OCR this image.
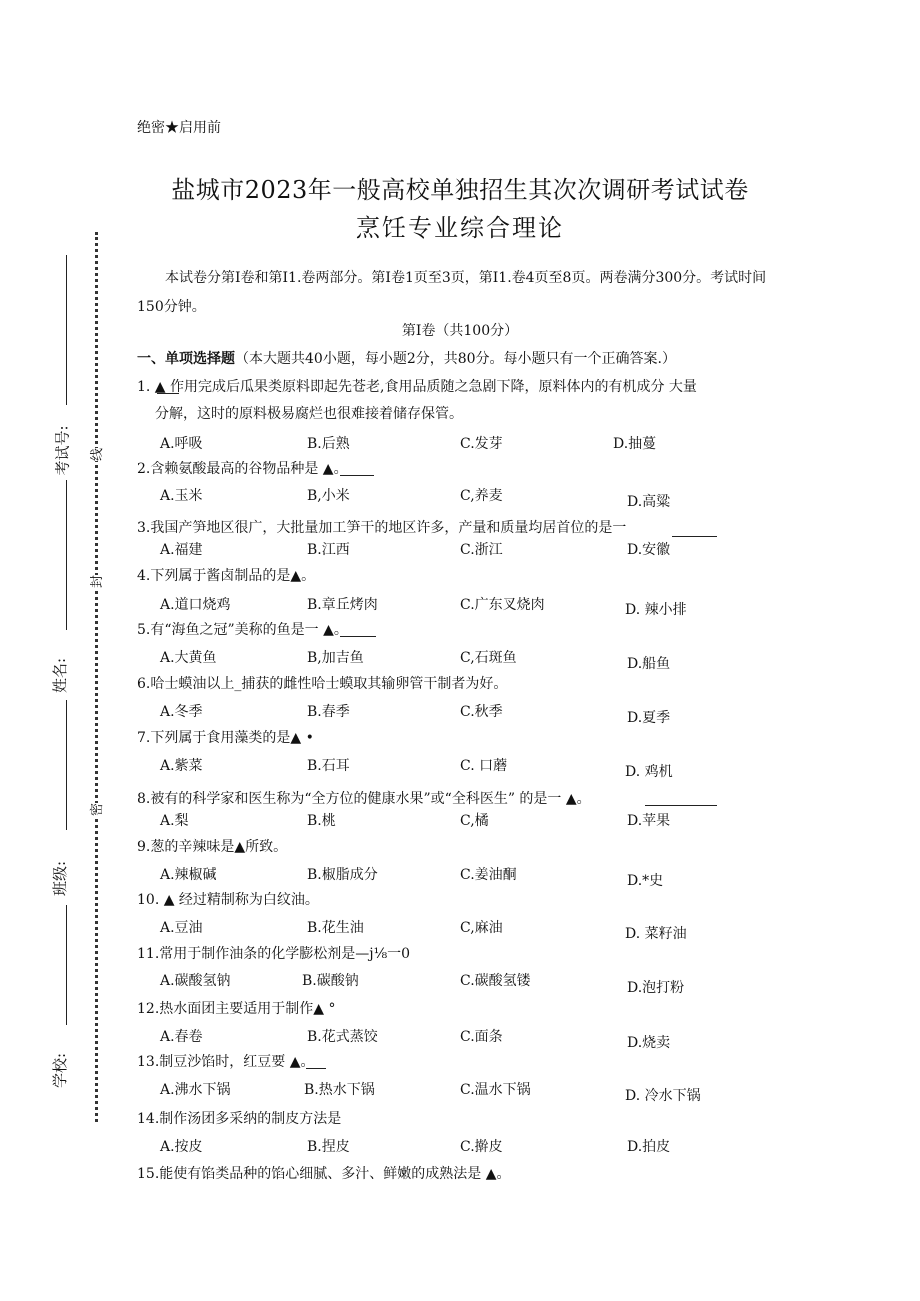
绝密★启用前
盐城市2023年一般高校单独招生其次次调研考试试卷
烹饪专业综合理论
本试卷分第I卷和第I1.卷两部分。第I卷1页至3页，第I1.卷4页至8页。两卷满分300分。考试时间150分钟。
第I卷（共100分）
一、单项选择题（本大题共40小题，每小题2分，共80分。每小题只有一个正确答案.）
考试号:
姓名:
班级:
学校:
线
封
密
1. ▲ 作用完成后瓜果类原料即起先苍老,食用品质随之急剧下降，原料体内的有机成分 大量
分解，这时的原料极易腐烂也很难接着储存保管。
A.呼吸	B.后熟	C.发芽	D.抽蔓
2.含赖氨酸最高的谷物品种是 ▲。
A.玉米	B,小米	C,养麦	D.高粱
3.我国产笋地区很广，大批量加工笋干的地区许多，产量和质量均居首位的是一
A.福建	B.江西	C.浙江	D.安徽
4.下列属于酱卤制品的是▲。
A.道口烧鸡	B.章丘烤肉	C.广东叉烧肉	D. 辣小排
5.有“海鱼之冠”美称的鱼是一 ▲。
A.大黄鱼	B,加吉鱼	C,石斑鱼	D.船鱼
6.哈士蟆油以上_捕获的雌性哈士蟆取其输卵管干制者为好。
A.冬季	B.春季	C.秋季	D.夏季
7.下列属于食用藻类的是▲ •
A.紫菜	B.石耳	C. 口蘑	D. 鸡机
8.被有的科学家和医生称为“全方位的健康水果”或“全科医生” 的是一 ▲。
A.梨	B.桃	C,橘	D.苹果
9.葱的辛辣味是▲所致。
A.辣椒碱	B.椒脂成分	C.姜油酮	D.*史
10. ▲ 经过精制称为白纹油。
A.豆油	B.花生油	C,麻油	D. 菜籽油
11.常用于制作油条的化学膨松剂是—j⅛一0
A.碳酸氢钠	B.碳酸钠	C.碳酸氢镂	D.泡打粉
12.热水面团主要适用于制作▲ °
A.春卷	B.花式蒸饺	C.面条	D.烧卖
13.制豆沙馅时，红豆要 ▲。
A.沸水下锅	B.热水下锅	C.温水下锅	D. 冷水下锅
14.制作汤团多采纳的制皮方法是
A.按皮	B.捏皮	C.擀皮	D.拍皮
15.能使有馅类品种的馅心细腻、多汁、鲜嫩的成熟法是 ▲。
